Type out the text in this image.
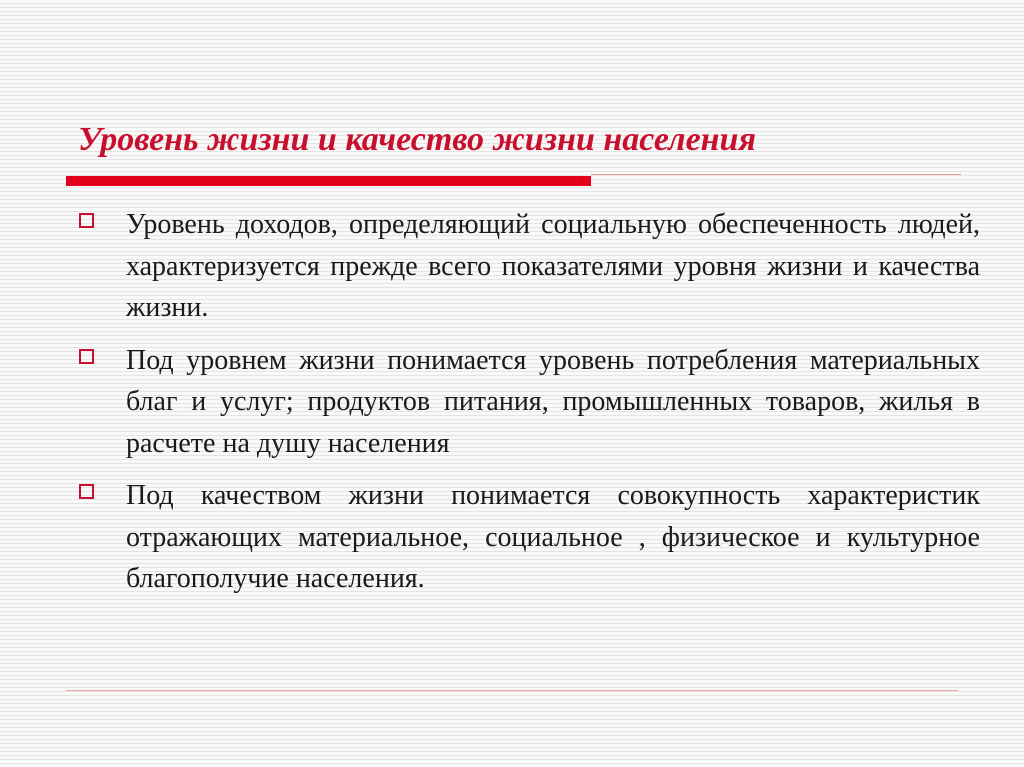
Уровень жизни и качество жизни населения
Уровень доходов, определяющий социальную обеспеченность людей, характеризуется прежде всего показателями уровня жизни и качества жизни.
Под уровнем жизни понимается уровень потребления материальных благ и услуг; продуктов питания, промышленных товаров, жилья в расчете на душу населения
Под качеством жизни понимается совокупность характеристик отражающих материальное, социальное , физическое и культурное благополучие населения.
